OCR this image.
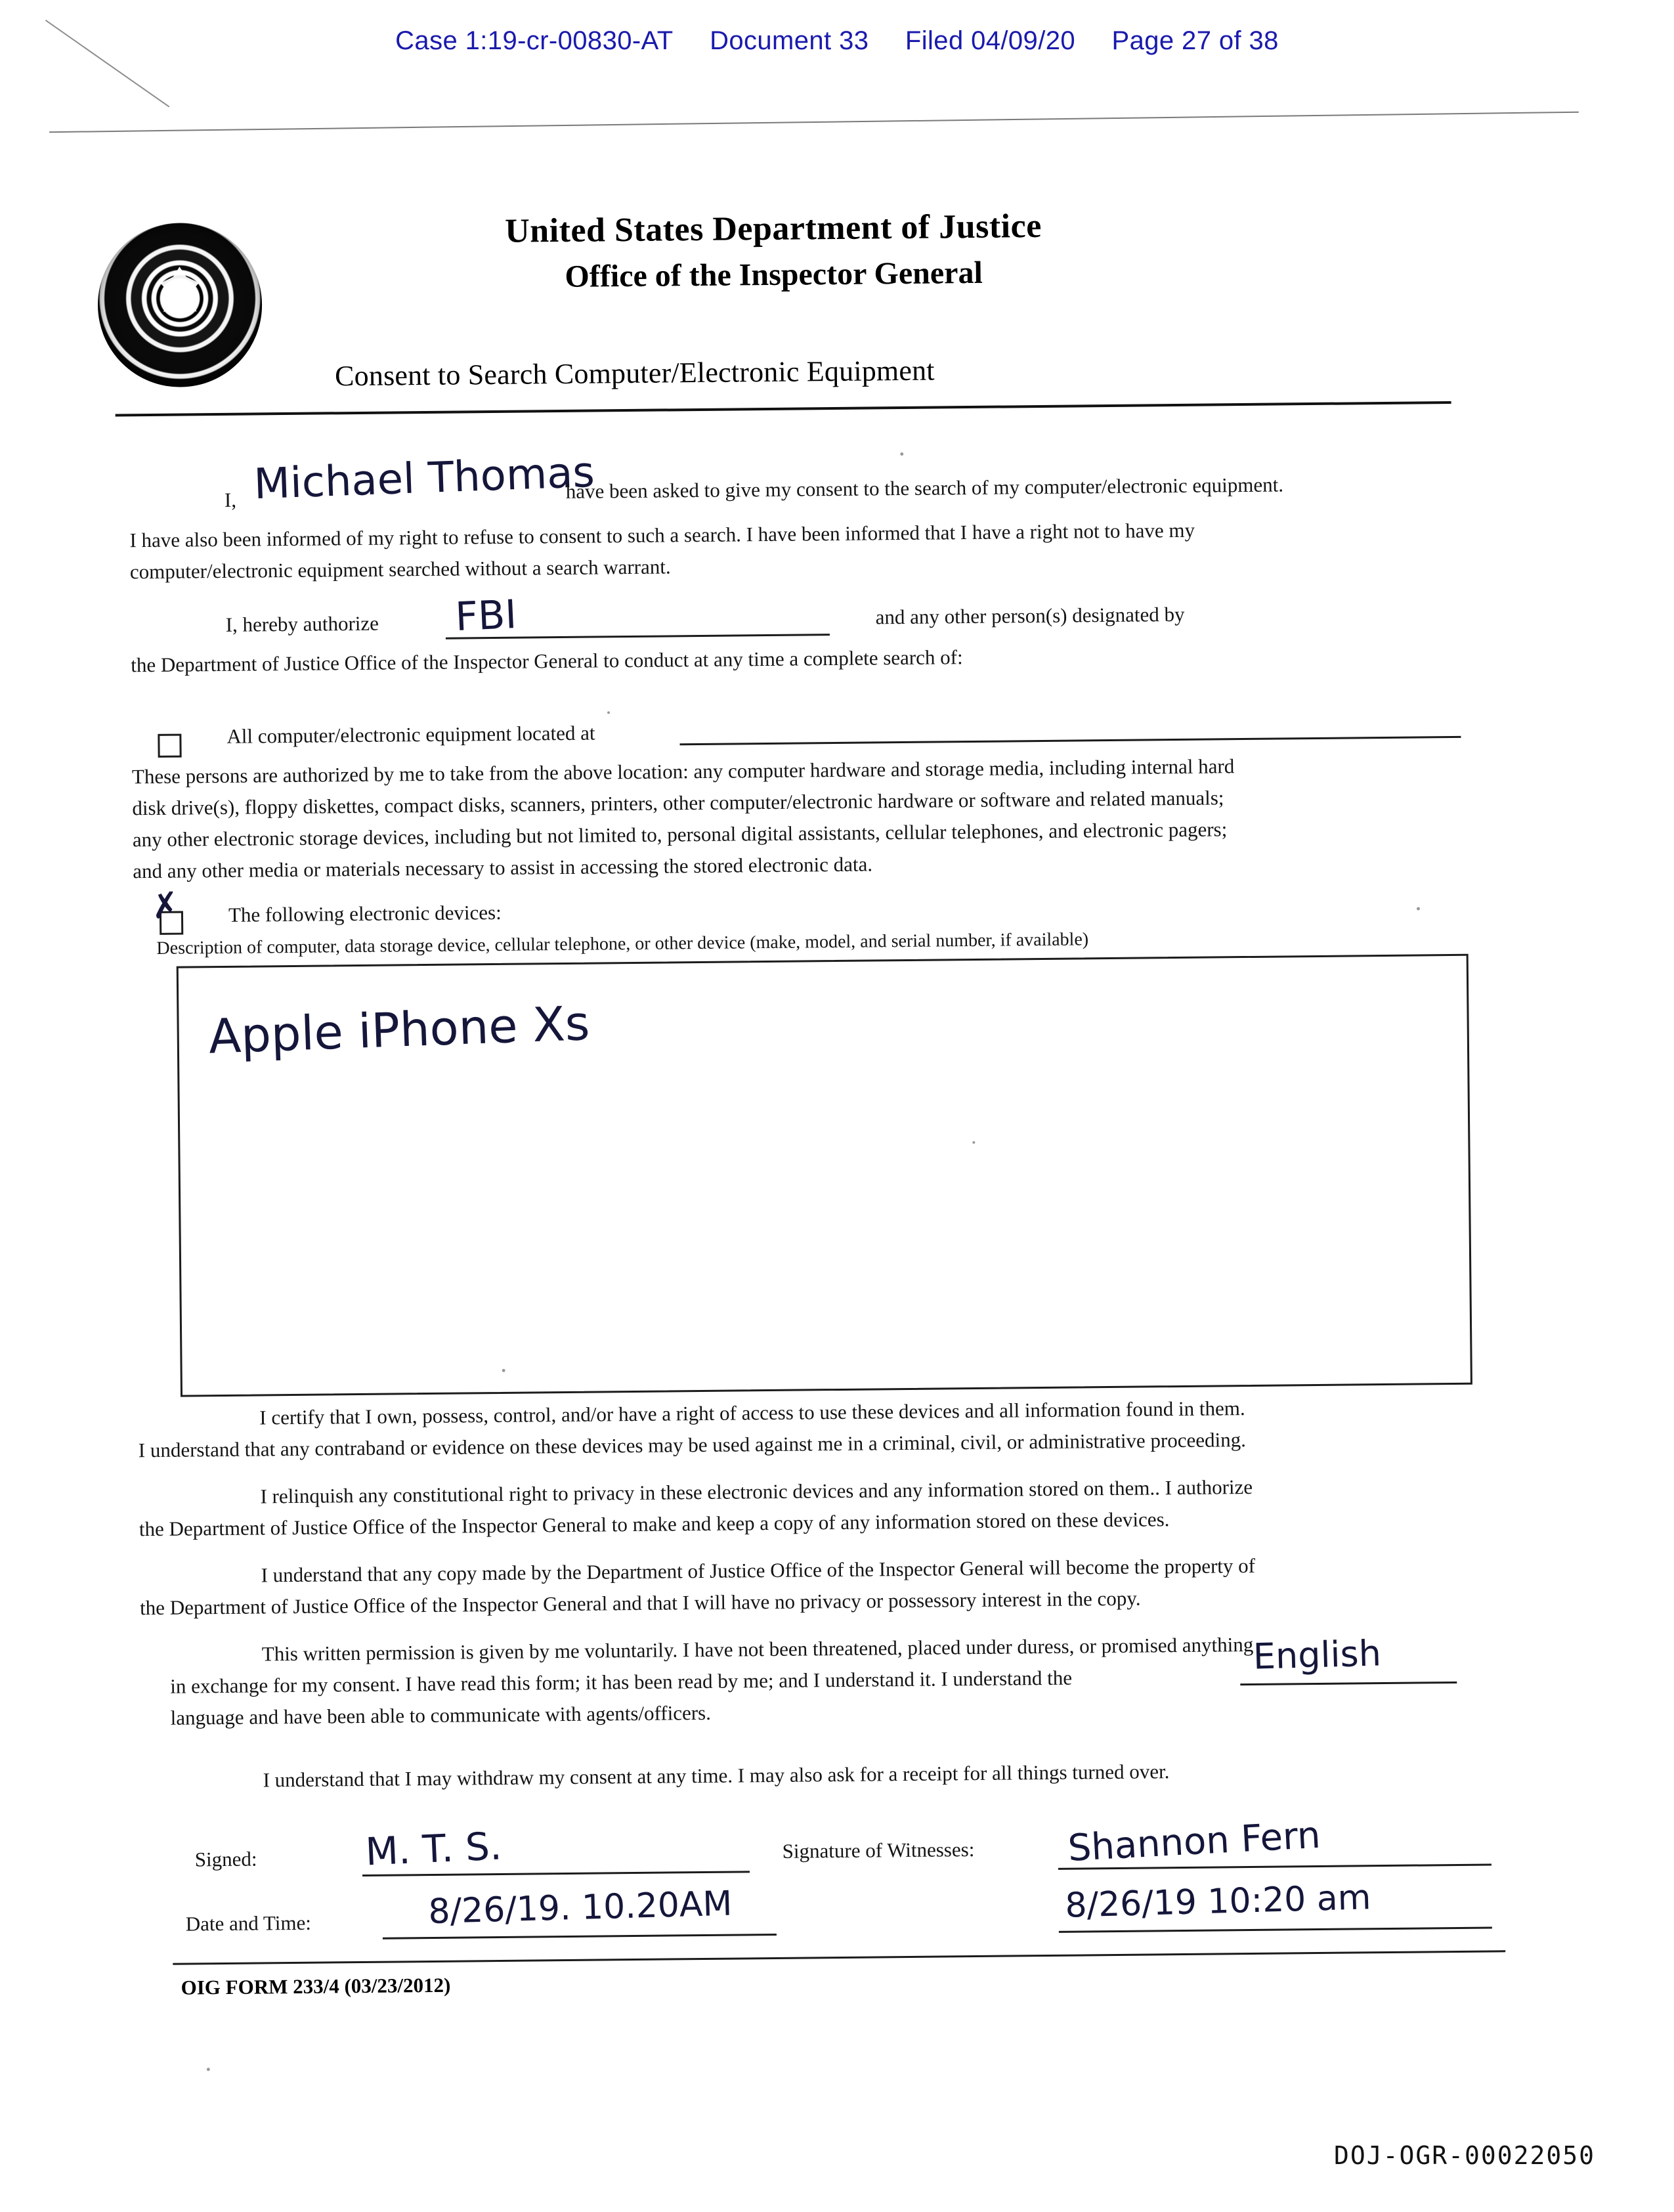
Case 1:19-cr-00830-AT Document 33 Filed 04/09/20 Page 27 of 38
United States Department of Justice
Office of the Inspector General
Consent to Search Computer/Electronic Equipment
I, Michael Thomas
have been asked to give my consent to the search of my computer/electronic equipment.
I have also been informed of my right to refuse to consent to such a search. I have been informed that I have a right not to have my
computer/electronic equipment searched without a search warrant.
I, hereby authorize FBI	and any other person(s) designated by
the Department of Justice Office of the Inspector General to conduct at any time a complete search of:
All computer/electronic equipment located at
These persons are authorized by me to take from the above location: any computer hardware and storage media, including internal hard
disk drive(s), floppy diskettes, compact disks, scanners, printers, other computer/electronic hardware or software and related manuals;
any other electronic storage devices, including but not limited to, personal digital assistants, cellular telephones, and electronic pagers;
and any other media or materials necessary to assist in accessing the stored electronic data.
✗ The following electronic devices:
Description of computer, data storage device, cellular telephone, or other device (make, model, and serial number, if available)
Apple iPhone Xs
I certify that I own, possess, control, and/or have a right of access to use these devices and all information found in them.
I understand that any contraband or evidence on these devices may be used against me in a criminal, civil, or administrative proceeding.
I relinquish any constitutional right to privacy in these electronic devices and any information stored on them.. I authorize
the Department of Justice Office of the Inspector General to make and keep a copy of any information stored on these devices.
I understand that any copy made by the Department of Justice Office of the Inspector General will become the property of
the Department of Justice Office of the Inspector General and that I will have no privacy or possessory interest in the copy.
This written permission is given by me voluntarily. I have not been threatened, placed under duress, or promised anything
in exchange for my consent. I have read this form; it has been read by me; and I understand it. I understand the
English
language and have been able to communicate with agents/officers.
I understand that I may withdraw my consent at any time. I may also ask for a receipt for all things turned over.
Signed:	M. T. S.	Signature of Witnesses:	Shannon Fern
Date and Time:	8/26/19. 10.20AM	8/26/19 10:20 am
OIG FORM 233/4 (03/23/2012)
DOJ-OGR-00022050
